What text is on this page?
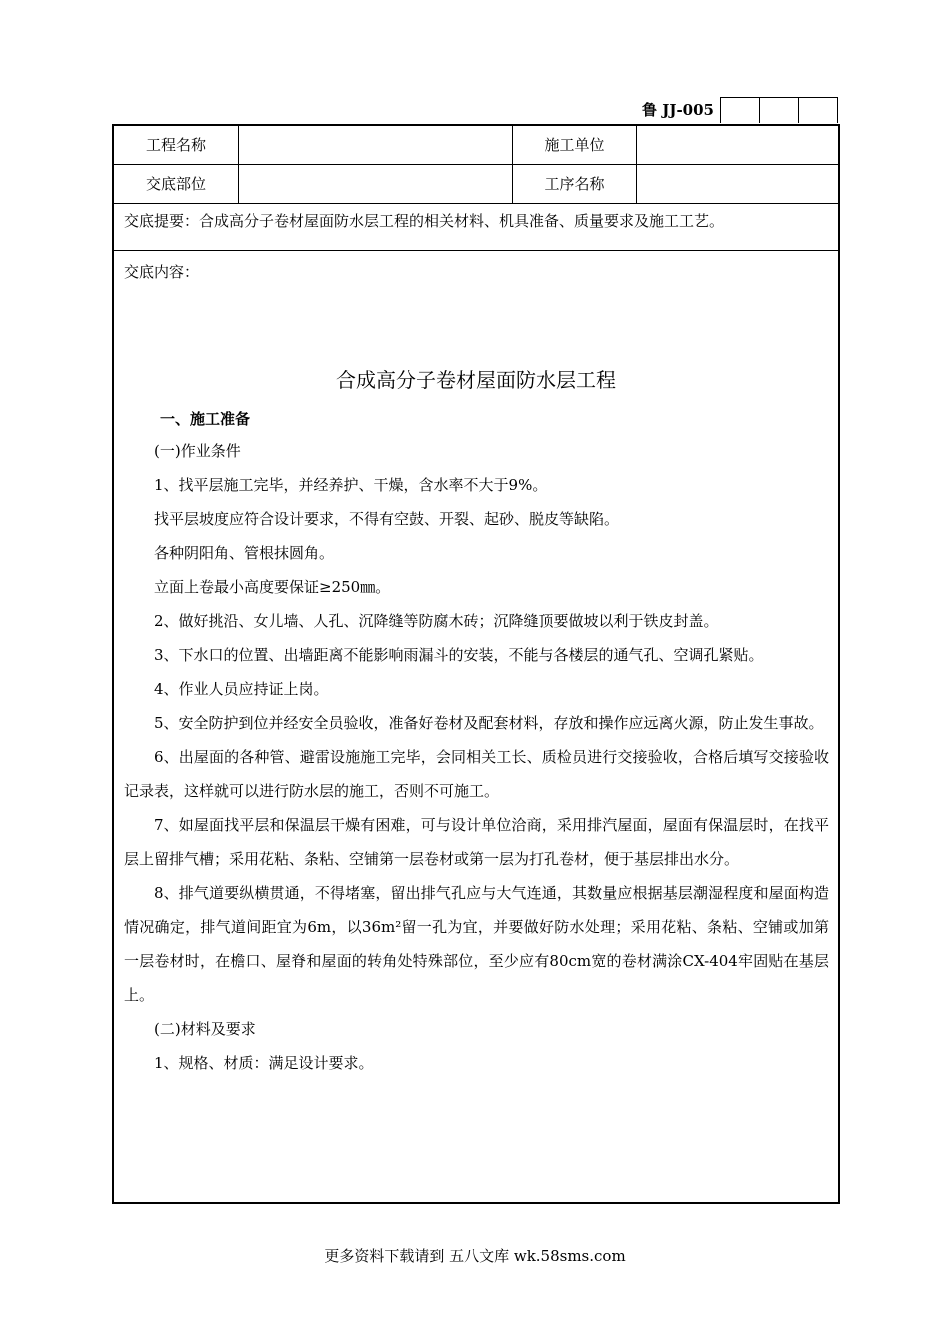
鲁 JJ-005
工程名称	施工单位
交底部位	工序名称
交底提要：合成高分子卷材屋面防水层工程的相关材料、机具准备、质量要求及施工工艺。
交底内容：
合成高分子卷材屋面防水层工程
一、施工准备

(一)作业条件

1、找平层施工完毕，并经养护、干燥，含水率不大于9%。

找平层坡度应符合设计要求，不得有空鼓、开裂、起砂、脱皮等缺陷。

各种阴阳角、管根抹圆角。

立面上卷最小高度要保证≥250㎜。

2、做好挑沿、女儿墙、人孔、沉降缝等防腐木砖；沉降缝顶要做坡以利于铁皮封盖。

3、下水口的位置、出墙距离不能影响雨漏斗的安装，不能与各楼层的通气孔、空调孔紧贴。

4、作业人员应持证上岗。

5、安全防护到位并经安全员验收，准备好卷材及配套材料，存放和操作应远离火源，防止发生事故。

6、出屋面的各种管、避雷设施施工完毕，会同相关工长、质检员进行交接验收，合格后填写交接验收记录表，这样就可以进行防水层的施工，否则不可施工。

7、如屋面找平层和保温层干燥有困难，可与设计单位洽商，采用排汽屋面，屋面有保温层时，在找平层上留排气槽；采用花粘、条粘、空铺第一层卷材或第一层为打孔卷材，便于基层排出水分。

8、排气道要纵横贯通，不得堵塞，留出排气孔应与大气连通，其数量应根据基层潮湿程度和屋面构造情况确定，排气道间距宜为6m，以36m²留一孔为宜，并要做好防水处理；采用花粘、条粘、空铺或加第一层卷材时，在檐口、屋脊和屋面的转角处特殊部位，至少应有80cm宽的卷材满涂CX-404牢固贴在基层上。

(二)材料及要求

1、规格、材质：满足设计要求。

更多资料下载请到 五八文库 wk.58sms.com
